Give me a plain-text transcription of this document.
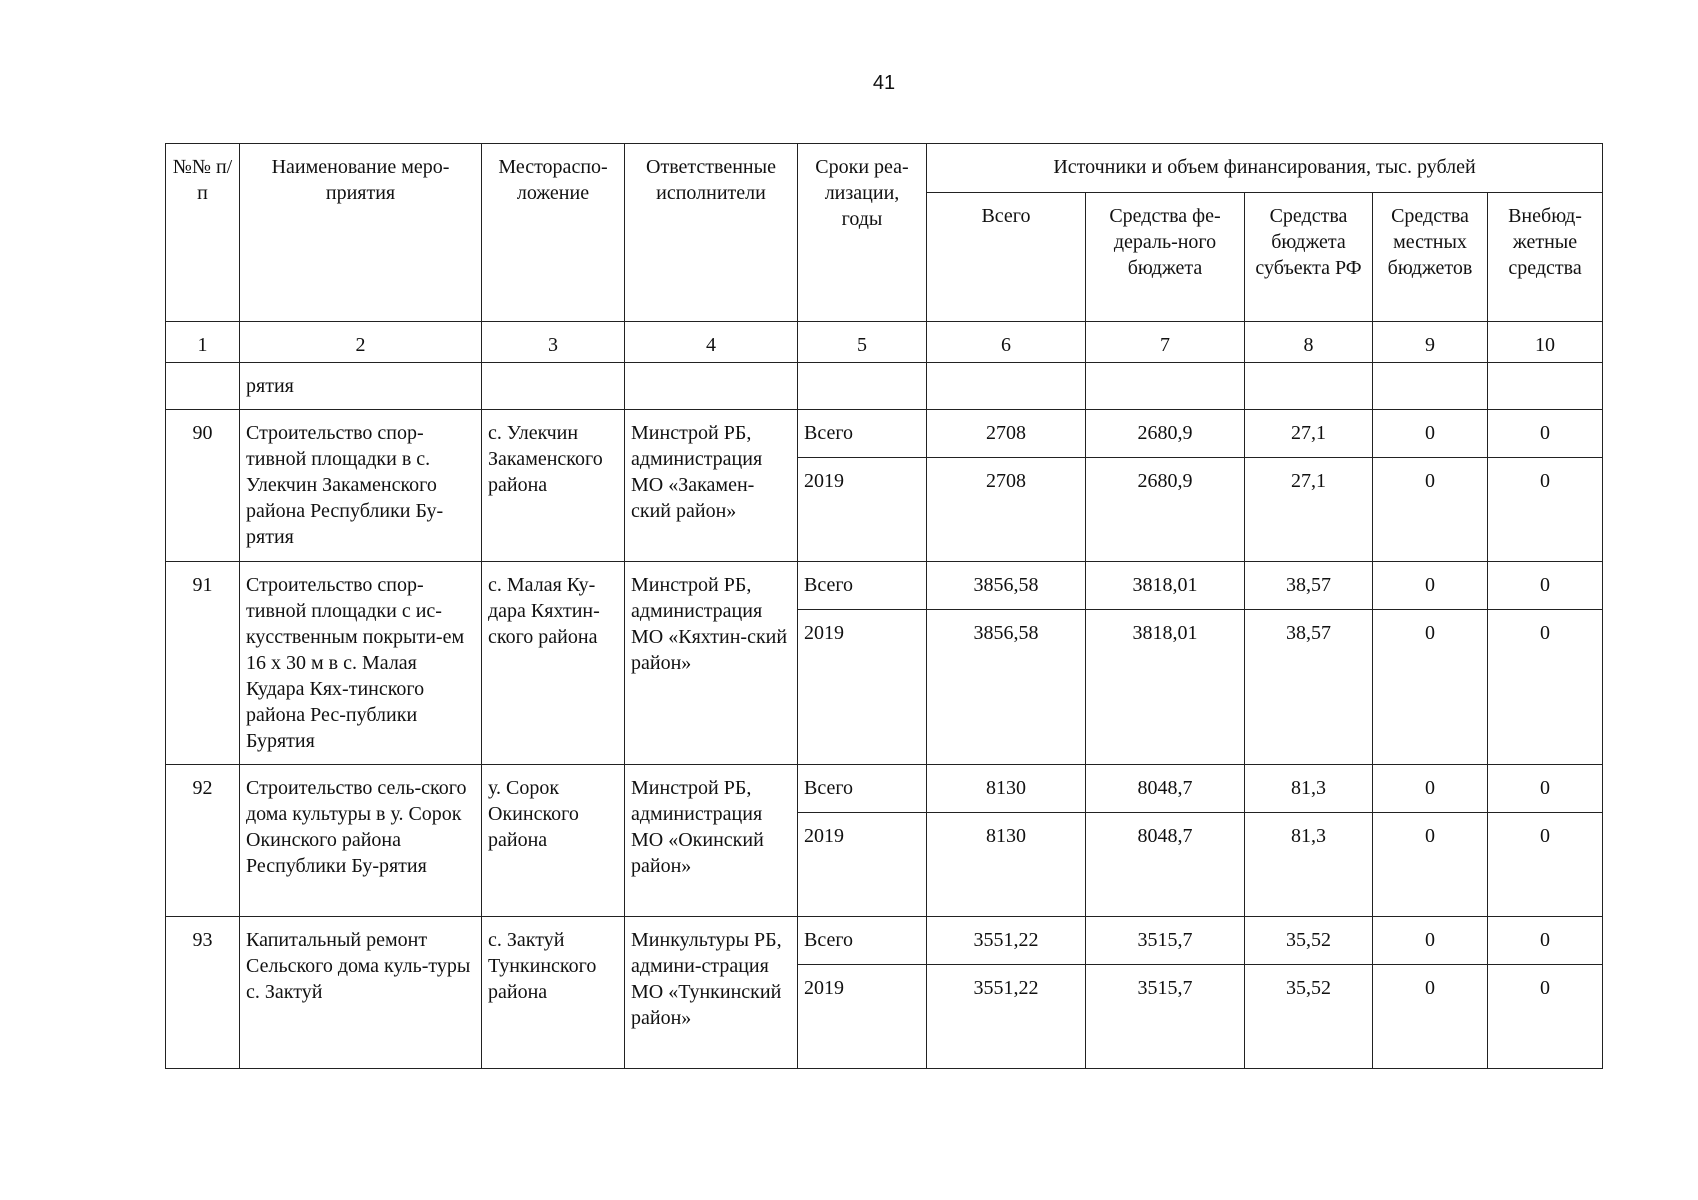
41
№№ п/п	Наименование меро-приятия	Местораспо-ложение	Ответственные исполнители	Сроки реа-лизации, годы	Источники и объем финансирования, тыс. рублей				
					Всего	Средства фе-дераль-ного бюджета	Средства бюджета субъекта РФ	Средства местных бюджетов	Внебюд-жетные средства
1	2	3	4	5	6	7	8	9	10
	рятия								
90	Строительство спор-тивной площадки в с. Улекчин Закаменского района Республики Бу-рятия	с. Улекчин Закаменского района	Минстрой РБ, администрация МО «Закамен-ский район»	Всего	2708	2680,9	27,1	0	0
				2019	2708	2680,9	27,1	0	0
91	Строительство спор-тивной площадки с ис-кусственным покрыти-ем 16 х 30 м в с. Малая Кудара Кях-тинского района Рес-публики Бурятия	с. Малая Ку-дара Кяхтин-ского района	Минстрой РБ, администрация МО «Кяхтин-ский район»	Всего	3856,58	3818,01	38,57	0	0
				2019	3856,58	3818,01	38,57	0	0
92	Строительство сель-ского дома культуры в у. Сорок Окинского района Республики Бу-рятия	у. Сорок Окинского района	Минстрой РБ, администрация МО «Окинский район»	Всего	8130	8048,7	81,3	0	0
				2019	8130	8048,7	81,3	0	0
93	Капитальный ремонт Сельского дома куль-туры с. Зактуй	с. Зактуй Тункинского района	Минкультуры РБ, админи-страция МО «Тункинский район»	Всего	3551,22	3515,7	35,52	0	0
				2019	3551,22	3515,7	35,52	0	0
